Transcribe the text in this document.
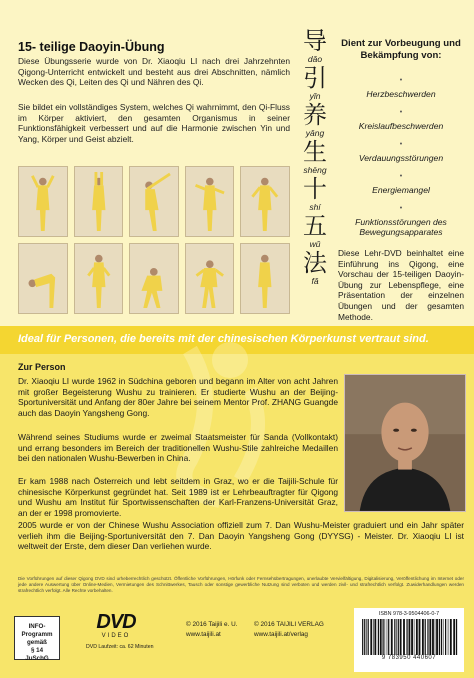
15- teilige Daoyin-Übung

Diese Übungsserie wurde von Dr. Xiaoqiu LI nach drei Jahrzehnten Qigong-Unterricht entwickelt und besteht aus drei Abschnitten, nämlich Wecken des Qi, Leiten des Qi und Nähren des Qi.

Sie bildet ein vollständiges System, welches Qi wahrnimmt, den Qi-Fluss im Körper aktiviert, den gesamten Organismus in seiner Funktionsfähigkeit verbessert und auf die Harmonie zwischen Yin und Yang, Körper und Geist abzielt.

导
dǎo
引
yǐn
养
yǎng
生
shēng
十
shí
五
wǔ
法
fǎ
Dient zur Vorbeugung und Bekämpfung von:
•
Herzbeschwerden
•
Kreislaufbeschwerden
•
Verdauungsstörungen
•
Energiemangel
•
Funktionsstörungen des Bewegungsapparates

Diese Lehr-DVD beinhaltet eine Einführung ins Qigong, eine Vorschau der 15-teiligen Daoyin-Übung zur Lebenspflege, eine Präsentation der einzelnen Übungen und der gesamten Methode.

Ideal für Personen, die bereits mit der chinesischen Körperkunst vertraut sind.
Zur Person

Dr. Xiaoqiu LI wurde 1962 in Südchina geboren und begann im Alter von acht Jahren mit großer Begeisterung Wushu zu trainieren. Er studierte Wushu an der Beijing-Sportuniversität und Anfang der 80er Jahre bei seinem Mentor Prof. ZHANG Guangde auch das Daoyin Yangsheng Gong.

Während seines Studiums wurde er zweimal Staatsmeister für Sanda (Vollkontakt) und errang besonders im Bereich der traditionellen Wushu-Stile zahlreiche Medaillen bei den nationalen Wushu-Bewerben in China.

Er kam 1988 nach Österreich und lebt seitdem in Graz, wo er die Taijili-Schule für chinesische Körperkunst gegründet hat. Seit 1989 ist er Lehrbeauftragter für Qigong und Wushu am Institut für Sportwissenschaften der Karl-Franzens-Universität Graz, an der er 1998 promovierte.

2005 wurde er von der Chinese Wushu Association offiziell zum 7. Dan Wushu-Meister graduiert und ein Jahr später verlieh ihm die Beijing-Sportuniversität den 7. Dan Daoyin Yangsheng Gong (DYYSG) - Meister. Dr. Xiaoqiu LI ist weltweit der Erste, dem dieser Dan verliehen wurde.

Die Vorführungen auf dieser Qigong DVD sind urheberrechtlich geschützt. Öffentliche Vorführungen, Hörfunk oder Fernsehübertragungen, unerlaubte Vervielfältigung, Digitalisierung, Veröffentlichung im Internet oder jede andere Auswertung über Online-Medien, Vermietungen des Schnittwerkes, Tausch oder sonstige gewerbliche Nutzung sind verboten und werden zivil- und strafrechtlich verfolgt. Zuwiderhandlungen werden strafrechtlich verfolgt. Alle Rechte vorbehalten.

INFO-
Programm
gemäß
§ 14
JuSchG
DVD
VIDEO
DVD Laufzeit: ca. 62 Minuten
© 2016 Taijili e. U.
www.taijili.at
© 2016 TAIJILI VERLAG
www.taijili.at/verlag
ISBN 978-3-9504406-0-7
9 783950 440607
